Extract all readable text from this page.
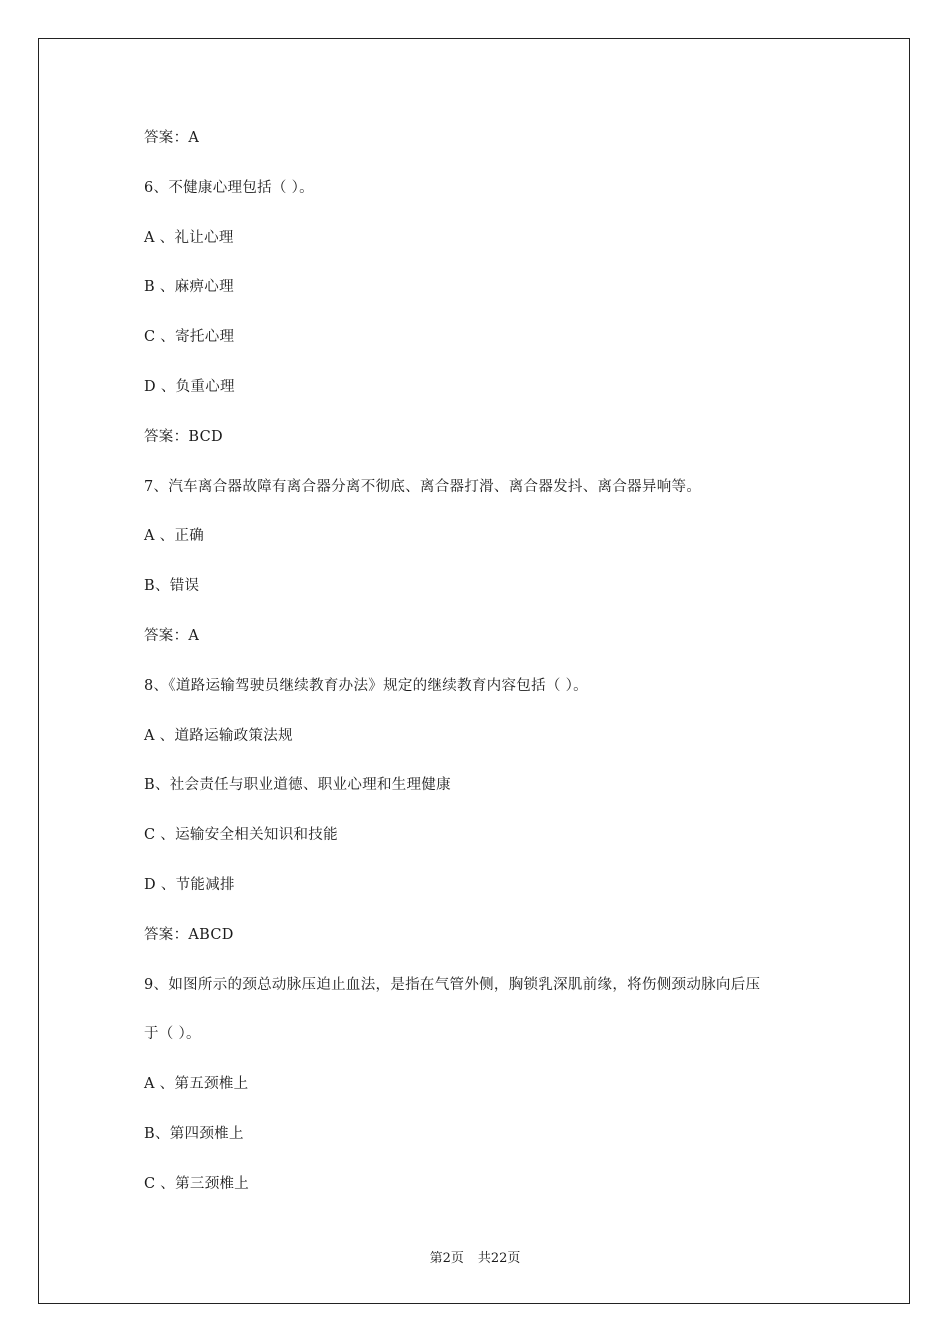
答案：A
6、不健康心理包括（ ）。
A 、礼让心理
B 、麻痹心理
C 、寄托心理
D 、负重心理
答案：BCD
7、汽车离合器故障有离合器分离不彻底、离合器打滑、离合器发抖、离合器异响等。
A 、正确
B、错误
答案：A
8、《道路运输驾驶员继续教育办法》规定的继续教育内容包括（ ）。
A 、道路运输政策法规
B、社会责任与职业道德、职业心理和生理健康
C 、运输安全相关知识和技能
D 、节能减排
答案：ABCD
9、如图所示的颈总动脉压迫止血法，是指在气管外侧，胸锁乳深肌前缘，将伤侧颈动脉向后压
于（ ）。
A 、第五颈椎上
B、第四颈椎上
C 、第三颈椎上
第2页 共22页
